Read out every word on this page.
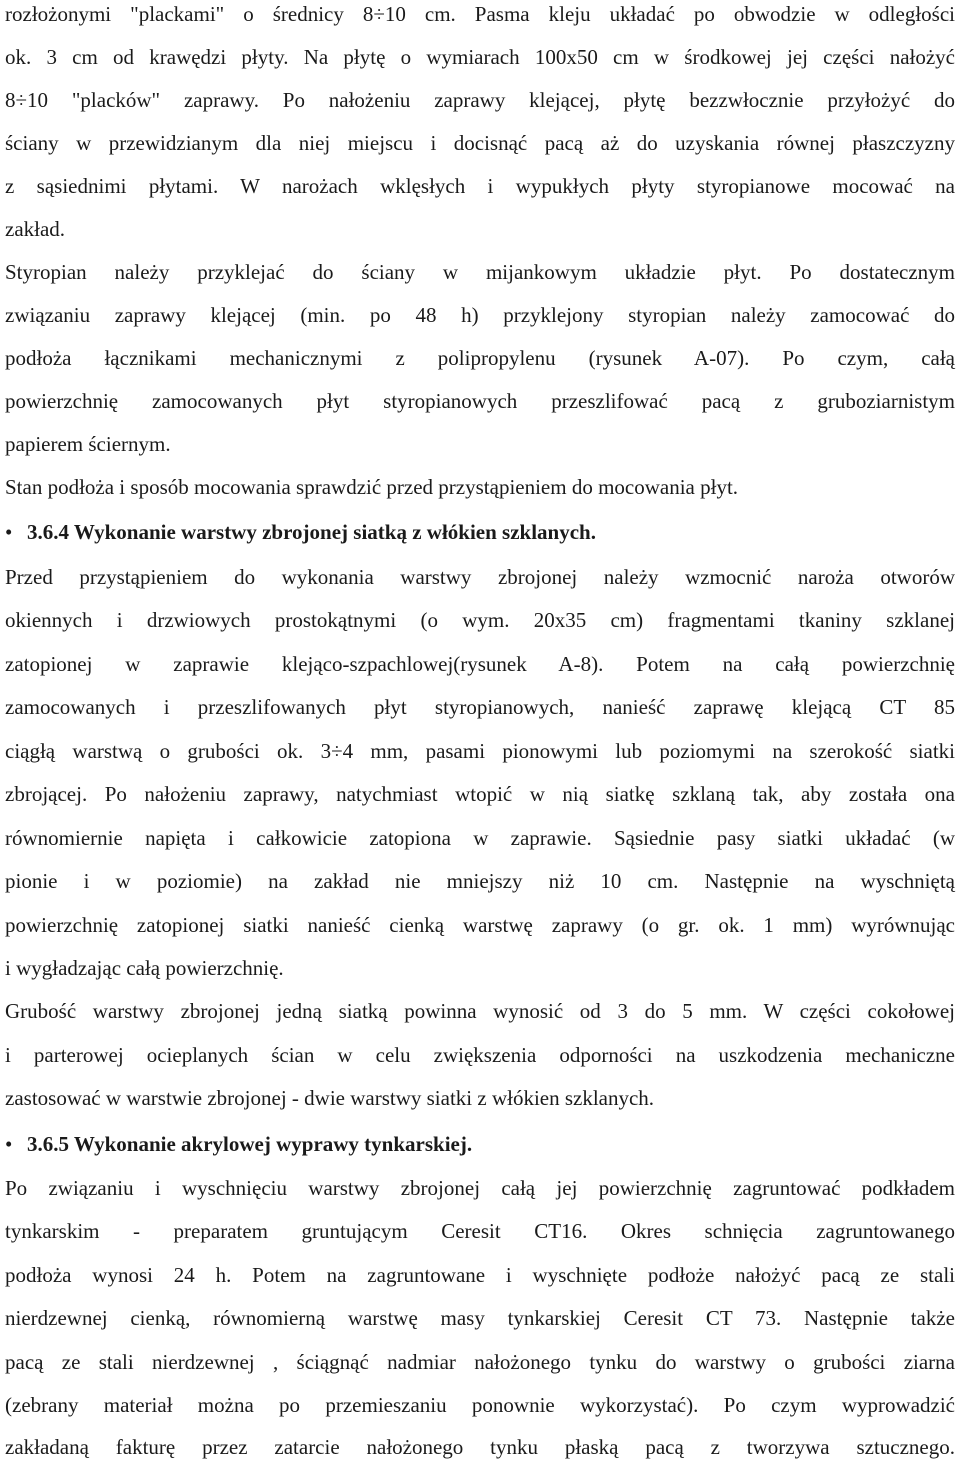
rozłożonymi "plackami" o średnicy 8÷10 cm. Pasma kleju układać po obwodzie w odległości
ok. 3 cm od krawędzi płyty. Na płytę o wymiarach 100x50 cm w środkowej jej części nałożyć
8÷10 "placków" zaprawy. Po nałożeniu zaprawy klejącej, płytę bezzwłocznie przyłożyć do
ściany w przewidzianym dla niej miejscu i docisnąć pacą aż do uzyskania równej płaszczyzny
z sąsiednimi płytami. W narożach wklęsłych i wypukłych płyty styropianowe mocować na
zakład.
Styropian należy przyklejać do ściany w mijankowym układzie płyt. Po dostatecznym
związaniu zaprawy klejącej (min. po 48 h) przyklejony styropian należy zamocować do
podłoża łącznikami mechanicznymi z polipropylenu (rysunek A-07). Po czym, całą
powierzchnię zamocowanych płyt styropianowych przeszlifować pacą z gruboziarnistym
papierem ściernym.
Stan podłoża i sposób mocowania sprawdzić przed przystąpieniem do mocowania płyt.
• 3.6.4 Wykonanie warstwy zbrojonej siatką z włókien szklanych.
Przed przystąpieniem do wykonania warstwy zbrojonej należy wzmocnić naroża otworów
okiennych i drzwiowych prostokątnymi (o wym. 20x35 cm) fragmentami tkaniny szklanej
zatopionej w zaprawie klejąco-szpachlowej(rysunek A-8). Potem na całą powierzchnię
zamocowanych i przeszlifowanych płyt styropianowych, nanieść zaprawę klejącą CT 85
ciągłą warstwą o grubości ok. 3÷4 mm, pasami pionowymi lub poziomymi na szerokość siatki
zbrojącej. Po nałożeniu zaprawy, natychmiast wtopić w nią siatkę szklaną tak, aby została ona
równomiernie napięta i całkowicie zatopiona w zaprawie. Sąsiednie pasy siatki układać (w
pionie i w poziomie) na zakład nie mniejszy niż 10 cm. Następnie na wyschniętą
powierzchnię zatopionej siatki nanieść cienką warstwę zaprawy (o gr. ok. 1 mm) wyrównując
i wygładzając całą powierzchnię.
Grubość warstwy zbrojonej jedną siatką powinna wynosić od 3 do 5 mm. W części cokołowej
i parterowej ocieplanych ścian w celu zwiększenia odporności na uszkodzenia mechaniczne
zastosować w warstwie zbrojonej - dwie warstwy siatki z włókien szklanych.
• 3.6.5 Wykonanie akrylowej wyprawy tynkarskiej.
Po związaniu i wyschnięciu warstwy zbrojonej całą jej powierzchnię zagruntować podkładem
tynkarskim - preparatem gruntującym Ceresit CT16. Okres schnięcia zagruntowanego
podłoża wynosi 24 h. Potem na zagruntowane i wyschnięte podłoże nałożyć pacą ze stali
nierdzewnej cienką, równomierną warstwę masy tynkarskiej Ceresit CT 73. Następnie także
pacą ze stali nierdzewnej , ściągnąć nadmiar nałożonego tynku do warstwy o grubości ziarna
(zebrany materiał można po przemieszaniu ponownie wykorzystać). Po czym wyprowadzić
zakładaną fakturę przez zatarcie nałożonego tynku płaską pacą z tworzywa sztucznego.
